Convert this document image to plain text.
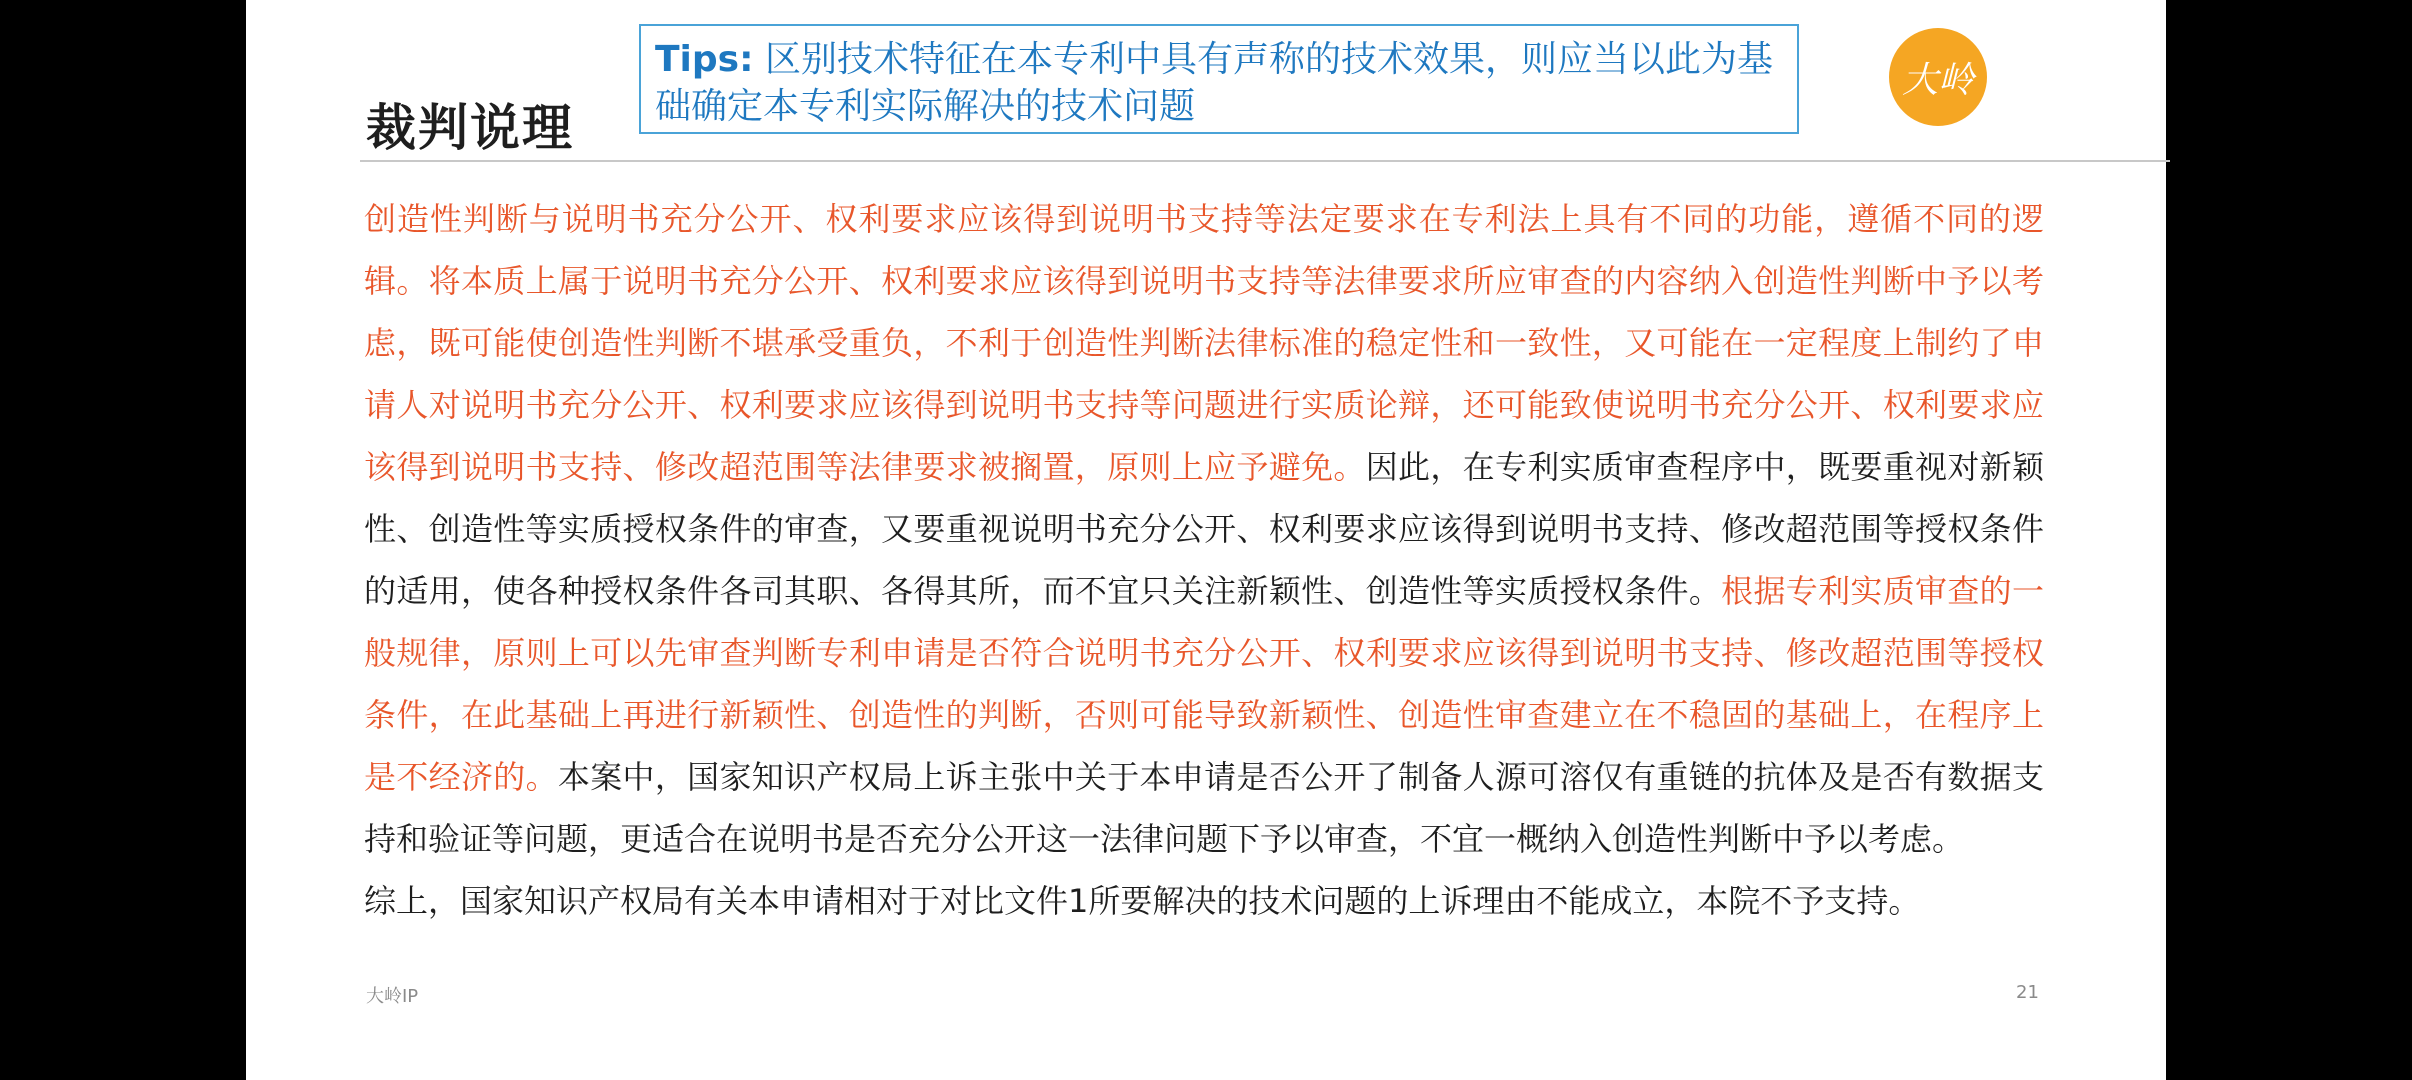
裁判说理
Tips: 区别技术特征在本专利中具有声称的技术效果，则应当以此为基础确定本专利实际解决的技术问题
大岭

创造性判断与说明书充分公开、权利要求应该得到说明书支持等法定要求在专利法上具有不同的功能，遵循不同的逻辑。将本质上属于说明书充分公开、权利要求应该得到说明书支持等法律要求所应审查的内容纳入创造性判断中予以考虑，既可能使创造性判断不堪承受重负，不利于创造性判断法律标准的稳定性和一致性，又可能在一定程度上制约了申请人对说明书充分公开、权利要求应该得到说明书支持等问题进行实质论辩，还可能致使说明书充分公开、权利要求应该得到说明书支持、修改超范围等法律要求被搁置，原则上应予避免。因此，在专利实质审查程序中，既要重视对新颖性、创造性等实质授权条件的审查，又要重视说明书充分公开、权利要求应该得到说明书支持、修改超范围等授权条件的适用，使各种授权条件各司其职、各得其所，而不宜只关注新颖性、创造性等实质授权条件。根据专利实质审查的一般规律，原则上可以先审查判断专利申请是否符合说明书充分公开、权利要求应该得到说明书支持、修改超范围等授权条件，在此基础上再进行新颖性、创造性的判断，否则可能导致新颖性、创造性审查建立在不稳固的基础上，在程序上是不经济的。本案中，国家知识产权局上诉主张中关于本申请是否公开了制备人源可溶仅有重链的抗体及是否有数据支持和验证等问题，更适合在说明书是否充分公开这一法律问题下予以审查，不宜一概纳入创造性判断中予以考虑。

综上，国家知识产权局有关本申请相对于对比文件1所要解决的技术问题的上诉理由不能成立，本院不予支持。

大岭IP	21
